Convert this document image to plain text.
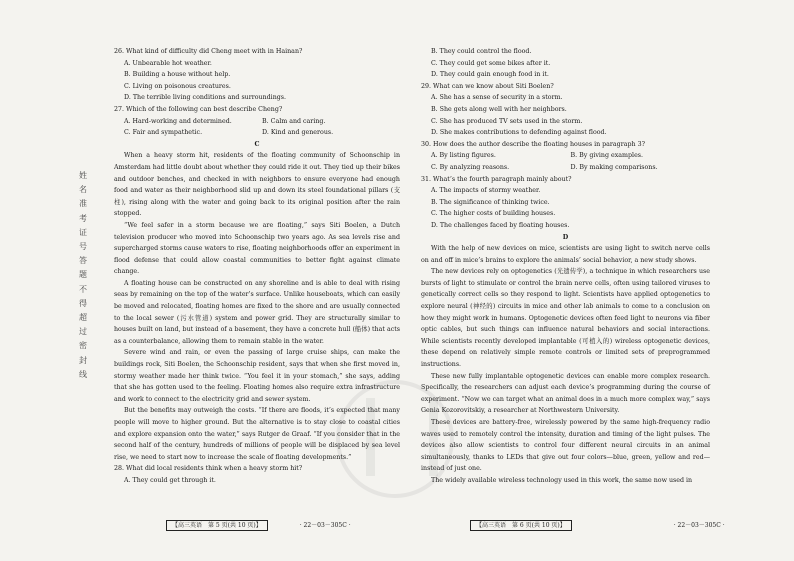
姓
名
准
考
证
号
答
题
不
得
超
过
密
封
线

26. What kind of difficulty did Cheng meet with in Hainan?

A. Unbearable hot weather.

B. Building a house without help.

C. Living on poisonous creatures.

D. The terrible living conditions and surroundings.

27. Which of the following can best describe Cheng?

A. Hard-working and determined.	B. Calm and caring.
C. Fair and sympathetic.	D. Kind and generous.

C

When a heavy storm hit, residents of the floating community of Schoonschip in Amsterdam had little doubt about whether they could ride it out. They tied up their bikes and outdoor benches, and checked in with neighbors to ensure everyone had enough food and water as their neighborhood slid up and down its steel foundational pillars (支柱), rising along with the water and going back to its original position after the rain stopped.

“We feel safer in a storm because we are floating,” says Siti Boelen, a Dutch television producer who moved into Schoonschip two years ago. As sea levels rise and supercharged storms cause waters to rise, floating neighborhoods offer an experiment in flood defense that could allow coastal communities to better fight against climate change.

A floating house can be constructed on any shoreline and is able to deal with rising seas by remaining on the top of the water’s surface. Unlike houseboats, which can easily be moved and relocated, floating homes are fixed to the shore and are usually connected to the local sewer (污水管道) system and power grid. They are structurally similar to houses built on land, but instead of a basement, they have a concrete hull (船体) that acts as a counterbalance, allowing them to remain stable in the water.

Severe wind and rain, or even the passing of large cruise ships, can make the buildings rock, Siti Boelen, the Schoonschip resident, says that when she first moved in, stormy weather made her think twice. “You feel it in your stomach,” she says, adding that she has gotten used to the feeling. Floating homes also require extra infrastructure and work to connect to the electricity grid and sewer system.

But the benefits may outweigh the costs. “If there are floods, it’s expected that many people will move to higher ground. But the alternative is to stay close to coastal cities and explore expansion onto the water,” says Rutger de Graaf. “If you consider that in the second half of the century, hundreds of millions of people will be displaced by sea level rise, we need to start now to increase the scale of floating developments.”

28. What did local residents think when a heavy storm hit?

A. They could get through it.

【高三英语　第 5 页(共 10 页)】	· 22－03－305C ·

B. They could control the flood.

C. They could get some bikes after it.

D. They could gain enough food in it.

29. What can we know about Siti Boelen?

A. She has a sense of security in a storm.

B. She gets along well with her neighbors.

C. She has produced TV sets used in the storm.

D. She makes contributions to defending against flood.

30. How does the author describe the floating houses in paragraph 3?

A. By listing figures.	B. By giving examples.
C. By analyzing reasons.	D. By making comparisons.

31. What’s the fourth paragraph mainly about?

A. The impacts of stormy weather.

B. The significance of thinking twice.

C. The higher costs of building houses.

D. The challenges faced by floating houses.

D

With the help of new devices on mice, scientists are using light to switch nerve cells on and off in mice’s brains to explore the animals’ social behavior, a new study shows.

The new devices rely on optogenetics (光遗传学), a technique in which researchers use bursts of light to stimulate or control the brain nerve cells, often using tailored viruses to genetically correct cells so they respond to light. Scientists have applied optogenetics to explore neural (神经的) circuits in mice and other lab animals to come to a conclusion on how they might work in humans. Optogenetic devices often feed light to neurons via fiber optic cables, but such things can influence natural behaviors and social interactions. While scientists recently developed implantable (可植入的) wireless optogenetic devices, these depend on relatively simple remote controls or limited sets of preprogrammed instructions.

These new fully implantable optogenetic devices can enable more complex research. Specifically, the researchers can adjust each device’s programming during the course of experiment. “Now we can target what an animal does in a much more complex way,” says Genia Kozorovitskiy, a researcher at Northwestern University.

These devices are battery-free, wirelessly powered by the same high-frequency radio waves used to remotely control the intensity, duration and timing of the light pulses. The devices also allow scientists to control four different neural circuits in an animal simultaneously, thanks to LEDs that give out four colors—blue, green, yellow and red—instead of just one.

The widely available wireless technology used in this work, the same now used in

【高三英语　第 6 页(共 10 页)】	· 22－03－305C ·
